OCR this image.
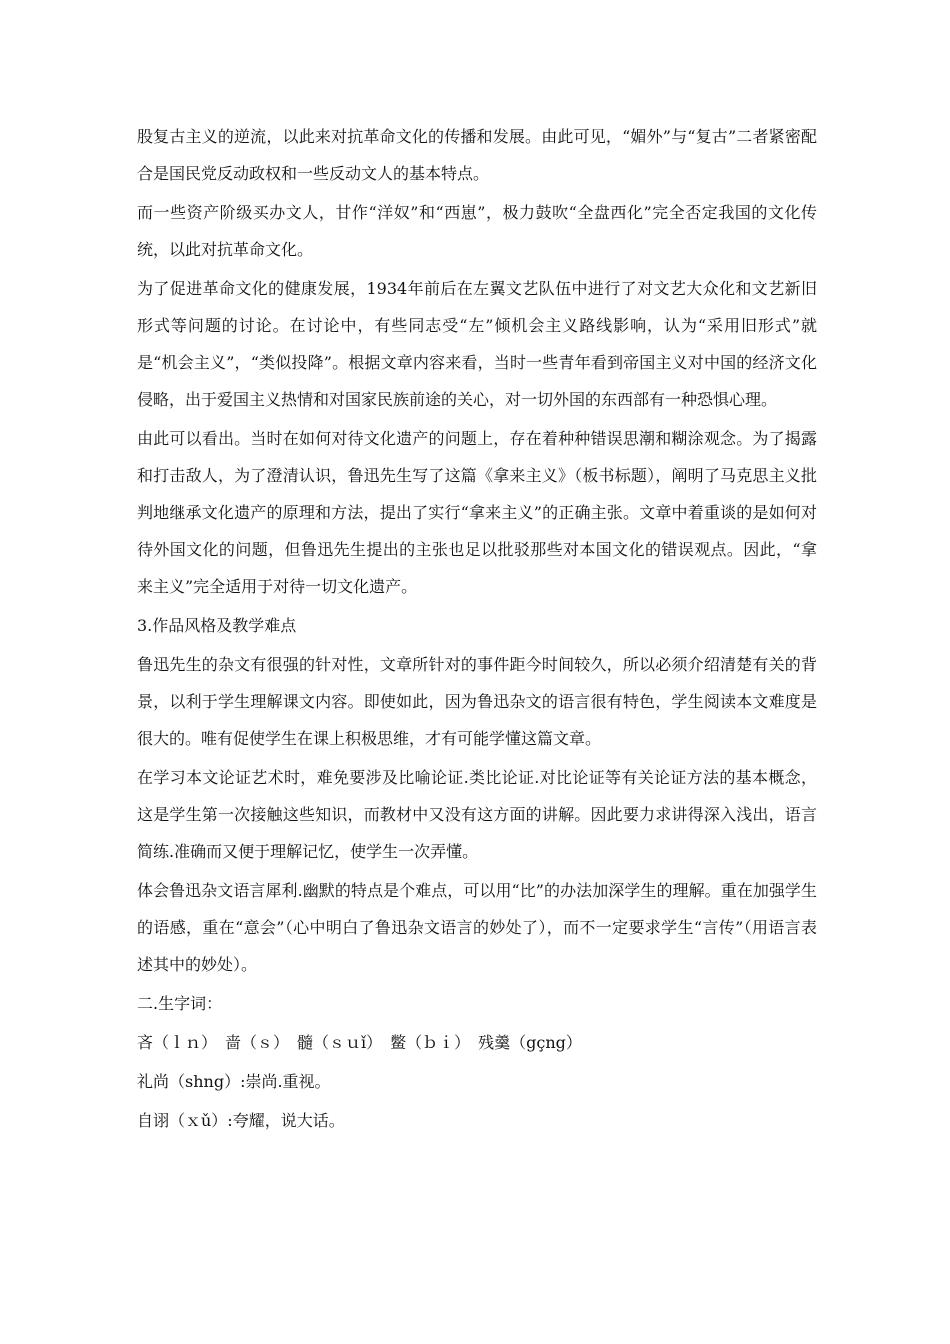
股复古主义的逆流，以此来对抗革命文化的传播和发展。由此可见，“媚外”与“复古”二者紧密配合是国民党反动政权和一些反动文人的基本特点。

而一些资产阶级买办文人，甘作“洋奴”和“西崽”，极力鼓吹“全盘西化”完全否定我国的文化传统，以此对抗革命文化。

为了促进革命文化的健康发展，1934年前后在左翼文艺队伍中进行了对文艺大众化和文艺新旧形式等问题的讨论。在讨论中，有些同志受“左”倾机会主义路线影响，认为“采用旧形式”就是“机会主义”，“类似投降”。根据文章内容来看，当时一些青年看到帝国主义对中国的经济文化侵略，出于爱国主义热情和对国家民族前途的关心，对一切外国的东西部有一种恐惧心理。

由此可以看出。当时在如何对待文化遗产的问题上，存在着种种错误思潮和糊涂观念。为了揭露和打击敌人，为了澄清认识，鲁迅先生写了这篇《拿来主义》（板书标题），阐明了马克思主义批判地继承文化遗产的原理和方法，提出了实行“拿来主义”的正确主张。文章中着重谈的是如何对待外国文化的问题，但鲁迅先生提出的主张也足以批驳那些对本国文化的错误观点。因此，“拿来主义”完全适用于对待一切文化遗产。

3.作品风格及教学难点

鲁迅先生的杂文有很强的针对性，文章所针对的事件距今时间较久，所以必须介绍清楚有关的背景，以利于学生理解课文内容。即使如此，因为鲁迅杂文的语言很有特色，学生阅读本文难度是很大的。唯有促使学生在课上积极思维，才有可能学懂这篇文章。

在学习本文论证艺术时，难免要涉及比喻论证.类比论证.对比论证等有关论证方法的基本概念，这是学生第一次接触这些知识，而教材中又没有这方面的讲解。因此要力求讲得深入浅出，语言简练.准确而又便于理解记忆，使学生一次弄懂。

体会鲁迅杂文语言犀利.幽默的特点是个难点，可以用“比”的办法加深学生的理解。重在加强学生的语感，重在“意会”（心中明白了鲁迅杂文语言的妙处了），而不一定要求学生“言传”（用语言表述其中的妙处）。

二.生字词：

吝（ｌｎ）　啬（ｓ）　髓（ｓｕǐ）　鳖（ｂｉ）　残羹（gçng）

礼尚（shng）:崇尚.重视。

自诩（ｘǔ）:夸耀，说大话。
